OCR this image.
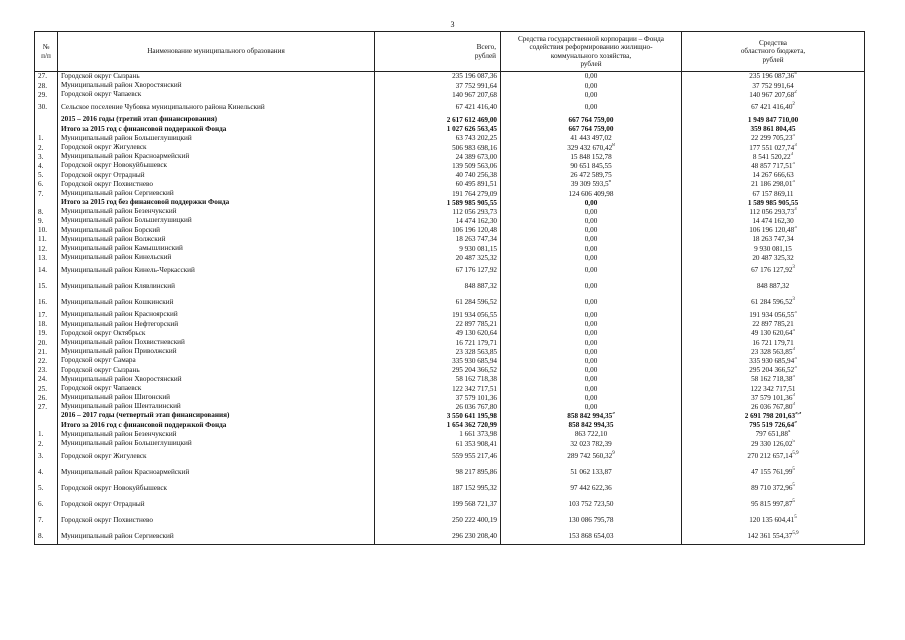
3
№
п/п	Наименование муниципального образования	Всего,
рублей	Средства государственной корпорации – Фонда
содействия реформированию жилищно-
коммунального хозяйства,
рублей	Средства
областного бюджета,
рублей
27.	Городской округ Сызрань	235 196 087,36	0,00	235 196 087,36$^4$
28.	Муниципальный район Хворостянский	37 752 991,64	0,00	37 752 991,64
29.	Городской округ Чапаевск	140 967 207,68	0,00	140 967 207,68$^2$
30.	Сельское поселение Чубовка муниципального района Кинельский	67 421 416,40	0,00	67 421 416,40$^2$
	2015 – 2016 годы (третий этап финансирования)	2 617 612 469,00	667 764 759,00	1 949 847 710,00
	Итого за 2015 год с финансовой поддержкой Фонда	1 027 626 563,45	667 764 759,00	359 861 804,45
1.	Муниципальный район Большеглушицкий	63 743 202,25	41 443 497,02	22 299 705,23$^3$
2.	Городской округ Жигулевск	506 983 698,16	329 432 670,42$^8$	177 551 027,74$^3$
3.	Муниципальный район Красноармейский	24 389 673,00	15 848 152,78	8 541 520,22$^3$
4.	Городской округ Новокуйбышевск	139 509 563,06	90 651 845,55	48 857 717,51$^3$
5.	Городской округ Отрадный	40 740 256,38	26 472 589,75	14 267 666,63
6.	Городской округ Похвистнево	60 495 891,51	39 309 593,5$^8$	21 186 298,01$^3$
7.	Муниципальный район Сергиевский	191 764 279,09	124 606 409,98	67 157 869,11
	Итого за 2015 год без финансовой поддержки Фонда	1 589 985 905,55	0,00	1 589 985 905,55
8.	Муниципальный район Безенчукский	112 056 293,73	0,00	112 056 293,73$^3$
9.	Муниципальный район Большеглушицкий	14 474 162,30	0,00	14 474 162,30
10.	Муниципальный район Борский	106 196 120,48	0,00	106 196 120,48$^3$
11.	Муниципальный район Волжский	18 263 747,34	0,00	18 263 747,34
12.	Муниципальный район Камышлинский	9 930 081,15	0,00	9 930 081,15
13.	Муниципальный район Кинельский	20 487 325,32	0,00	20 487 325,32
14.	Муниципальный район Кинель-Черкасский	67 176 127,92	0,00	67 176 127,92$^3$
15.	Муниципальный район Клявлинский	848 887,32	0,00	848 887,32
16.	Муниципальный район Кошкинский	61 284 596,52	0,00	61 284 596,52$^3$
17.	Муниципальный район Красноярский	191 934 056,55	0,00	191 934 056,55$^3$
18.	Муниципальный район Нефтегорский	22 897 785,21	0,00	22 897 785,21
19.	Городской округ Октябрьск	49 130 620,64	0,00	49 130 620,64$^3$
20.	Муниципальный район Похвистневский	16 721 179,71	0,00	16 721 179,71
21.	Муниципальный район Приволжский	23 328 563,85	0,00	23 328 563,85$^3$
22.	Городской округ Самара	335 930 685,94	0,00	335 930 685,94$^3$
23.	Городской округ Сызрань	295 204 366,52	0,00	295 204 366,52$^3$
24.	Муниципальный район Хворостянский	58 162 718,38	0,00	58 162 718,38$^3$
25.	Городской округ Чапаевск	122 342 717,51	0,00	122 342 717,51
26.	Муниципальный район Шигонский	37 579 101,36	0,00	37 579 101,36$^3$
27.	Муниципальный район Шенталинский	26 036 767,80	0,00	26 036 767,80$^3$
	2016 – 2017 годы (четвертый этап финансирования)	3 550 641 195,98	858 842 994,35$^9$	2 691 798 201,63$^{9,9}$
	Итого за 2016 год с финансовой поддержкой Фонда	1 654 362 720,99	858 842 994,35	795 519 726,64$^9$
1.	Муниципальный район Безенчукский	1 661 373,98	863 722,10	797 651,88$^4$
2.	Муниципальный район Большеглушицкий	61 353 908,41	32 023 782,39	29 330 126,02$^5$
3.	Городской округ Жигулевск	559 955 217,46	289 742 560,32$^9$	270 212 657,14$^{5,9}$
4.	Муниципальный район Красноармейский	98 217 895,86	51 062 133,87	47 155 761,99$^5$
5.	Городской округ Новокуйбышевск	187 152 995,32	97 442 622,36	89 710 372,96$^5$
6.	Городской округ Отрадный	199 568 721,37	103 752 723,50	95 815 997,87$^5$
7.	Городской округ Похвистнево	250 222 400,19	130 086 795,78	120 135 604,41$^5$
8.	Муниципальный район Сергиевский	296 230 208,40	153 868 654,03	142 361 554,37$^{5,9}$
